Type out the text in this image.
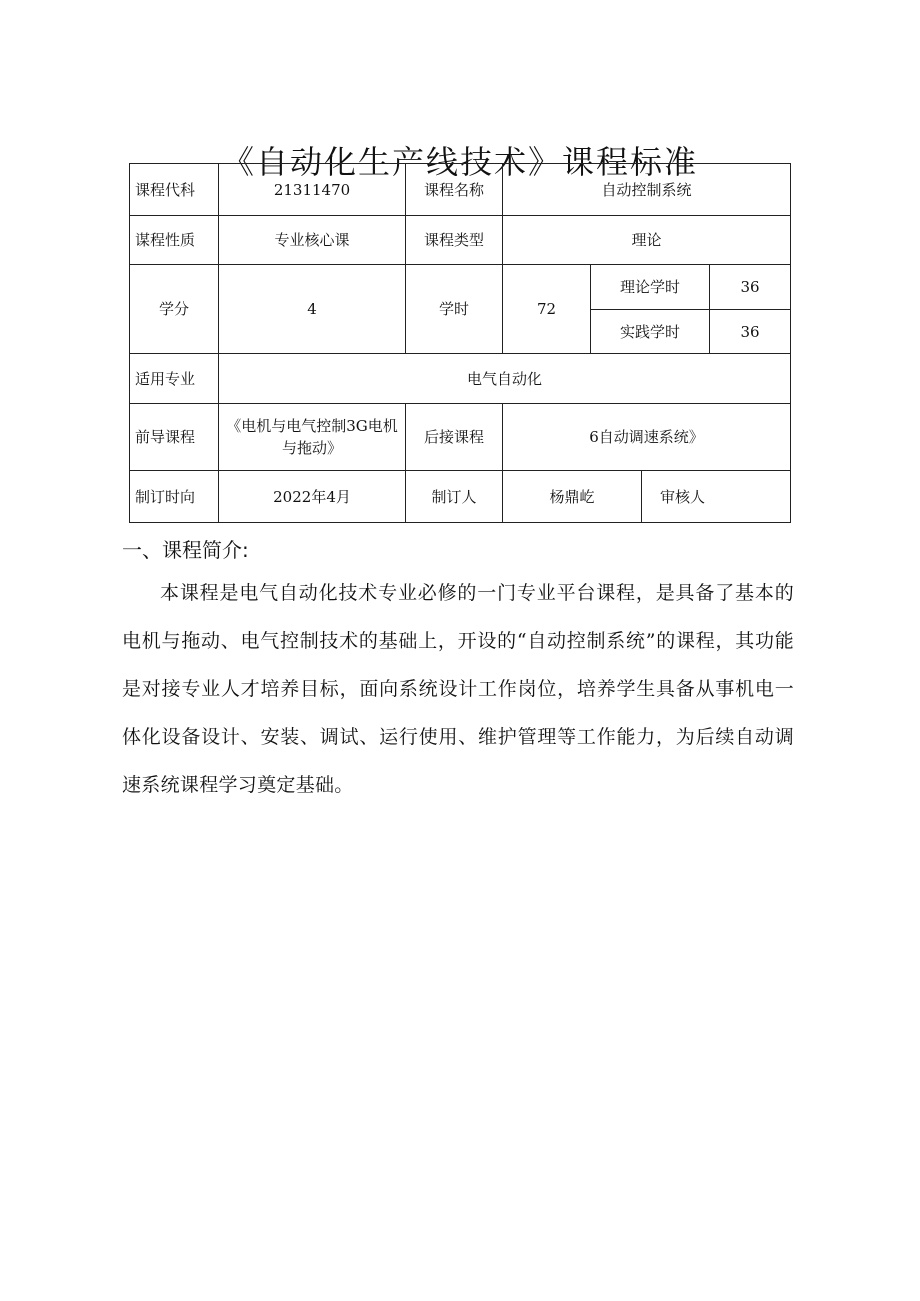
《自动化生产线技术》课程标准
课程代科	21311470	课程名称	自动控制系统			
谋程性质	专业核心课	课程类型	理论			
学分	4	学时	72	理论学时		36
				实践学时		36
适用专业	电气自动化					
前导课程	《电机与电气控制3G电机与拖动》	后接课程	6自动调速系统》			
制订时向	2022年4月	制订人	杨鼎屹		审核人	
一、课程简介:

本课程是电气自动化技术专业必修的一门专业平台课程，是具备了基本的电机与拖动、电气控制技术的基础上，开设的“自动控制系统”的课程，其功能是对接专业人才培养目标，面向系统设计工作岗位，培养学生具备从事机电一体化设备设计、安装、调试、运行使用、维护管理等工作能力，为后续自动调速系统课程学习奠定基础。
